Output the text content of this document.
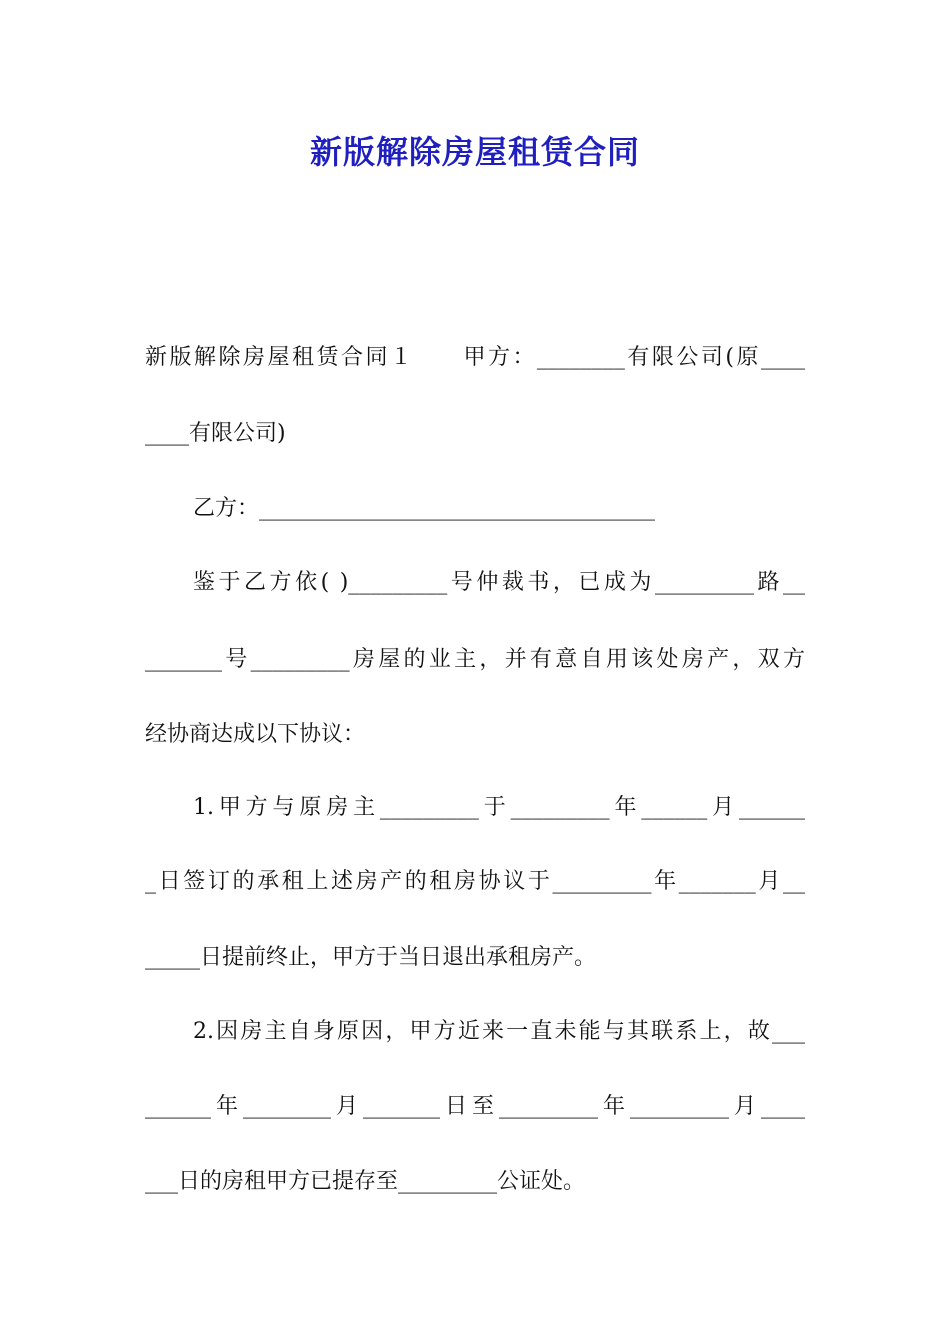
新版解除房屋租赁合同
新版解除房屋租赁合同１　　甲方：________有限公司(原____
____有限公司)
乙方：____________________________________
鉴于乙方依( )_________号仲裁书，已成为_________路__
_______号_________房屋的业主，并有意自用该处房产，双方
经协商达成以下协议：
1.甲方与原房主_________于_________年______月______
_日签订的承租上述房产的租房协议于_________年_______月__
_____日提前终止，甲方于当日退出承租房产。
2.因房主自身原因，甲方近来一直未能与其联系上，故___
______年________月_______日至_________年_________月____
___日的房租甲方已提存至_________公证处。
